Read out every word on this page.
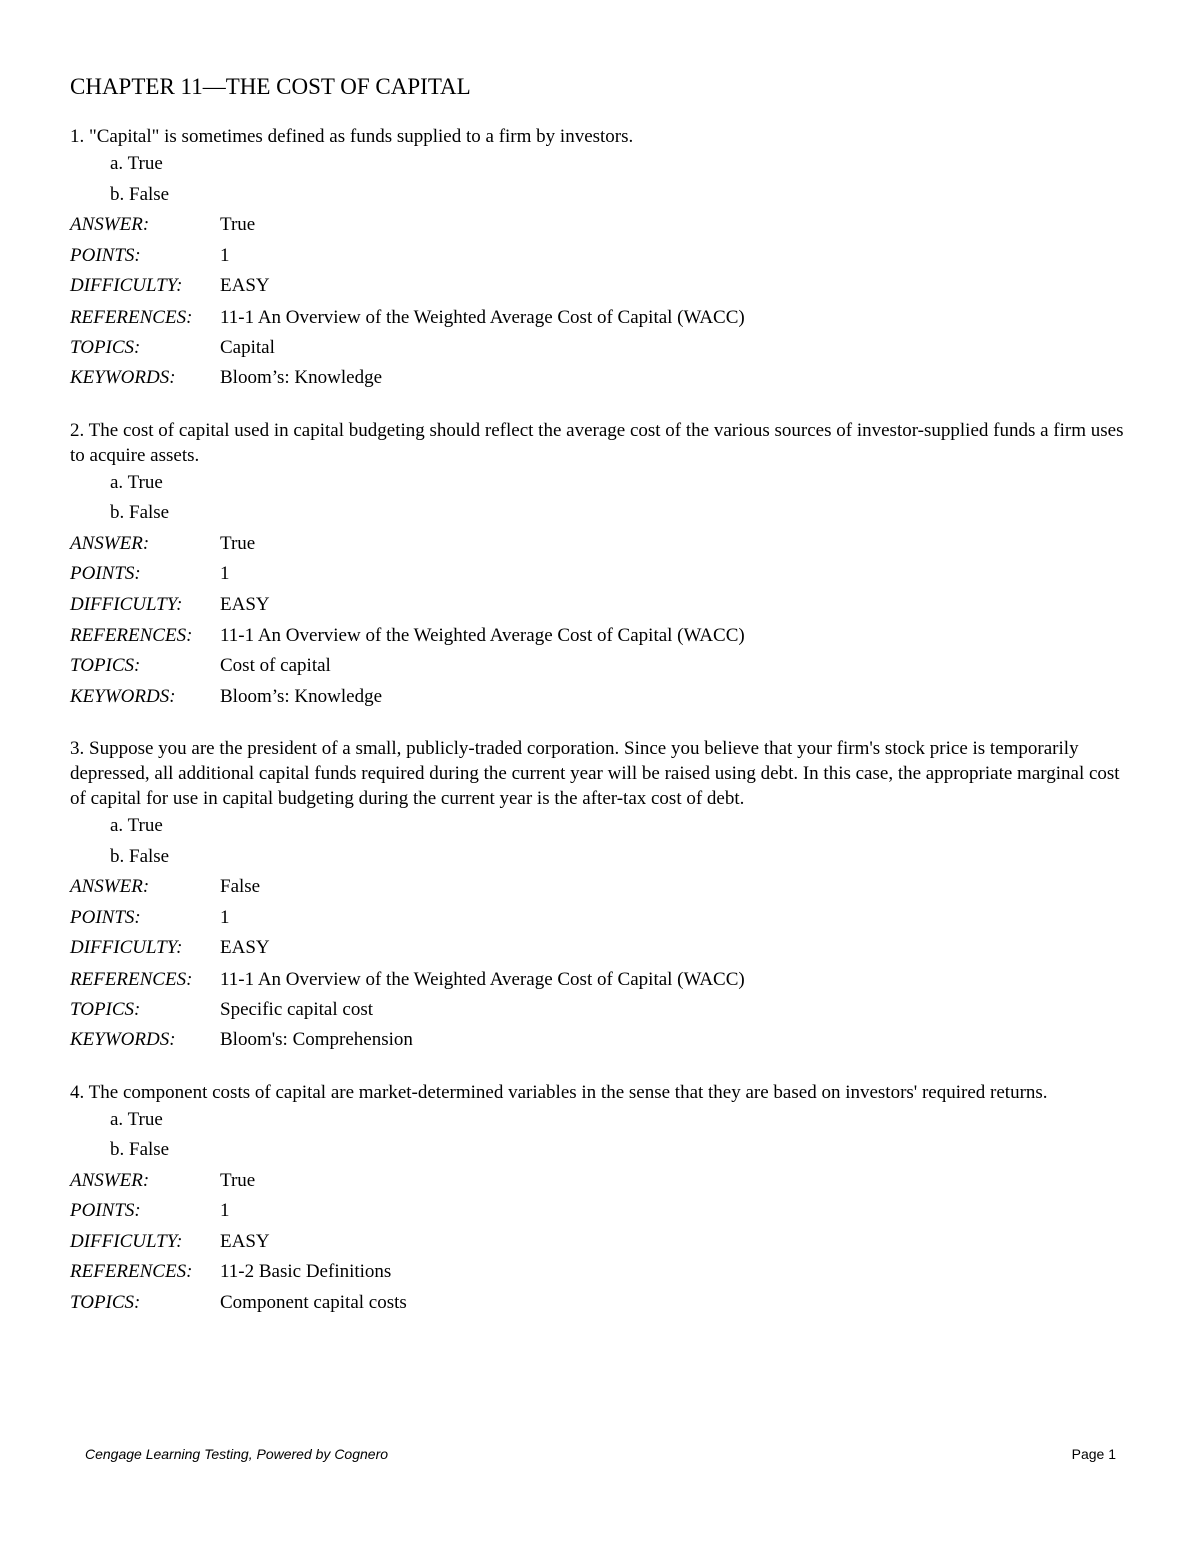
CHAPTER 11—THE COST OF CAPITAL

1. "Capital" is sometimes defined as funds supplied to a firm by investors.

a. True
b. False
ANSWER:	True
POINTS:	1
DIFFICULTY:	EASY
REFERENCES:	11-1 An Overview of the Weighted Average Cost of Capital (WACC)
TOPICS:	Capital
KEYWORDS:	Bloom’s: Knowledge

2. The cost of capital used in capital budgeting should reflect the average cost of the various sources of investor-supplied funds a firm uses to acquire assets.

a. True
b. False
ANSWER:	True
POINTS:	1
DIFFICULTY:	EASY
REFERENCES:	11-1 An Overview of the Weighted Average Cost of Capital (WACC)
TOPICS:	Cost of capital
KEYWORDS:	Bloom’s: Knowledge

3. Suppose you are the president of a small, publicly-traded corporation. Since you believe that your firm's stock price is temporarily depressed, all additional capital funds required during the current year will be raised using debt. In this case, the appropriate marginal cost of capital for use in capital budgeting during the current year is the after-tax cost of debt.

a. True
b. False
ANSWER:	False
POINTS:	1
DIFFICULTY:	EASY
REFERENCES:	11-1 An Overview of the Weighted Average Cost of Capital (WACC)
TOPICS:	Specific capital cost
KEYWORDS:	Bloom's: Comprehension

4. The component costs of capital are market-determined variables in the sense that they are based on investors' required returns.

a. True
b. False
ANSWER:	True
POINTS:	1
DIFFICULTY:	EASY
REFERENCES:	11-2 Basic Definitions
TOPICS:	Component capital costs
Cengage Learning Testing, Powered by Cognero	Page 1
